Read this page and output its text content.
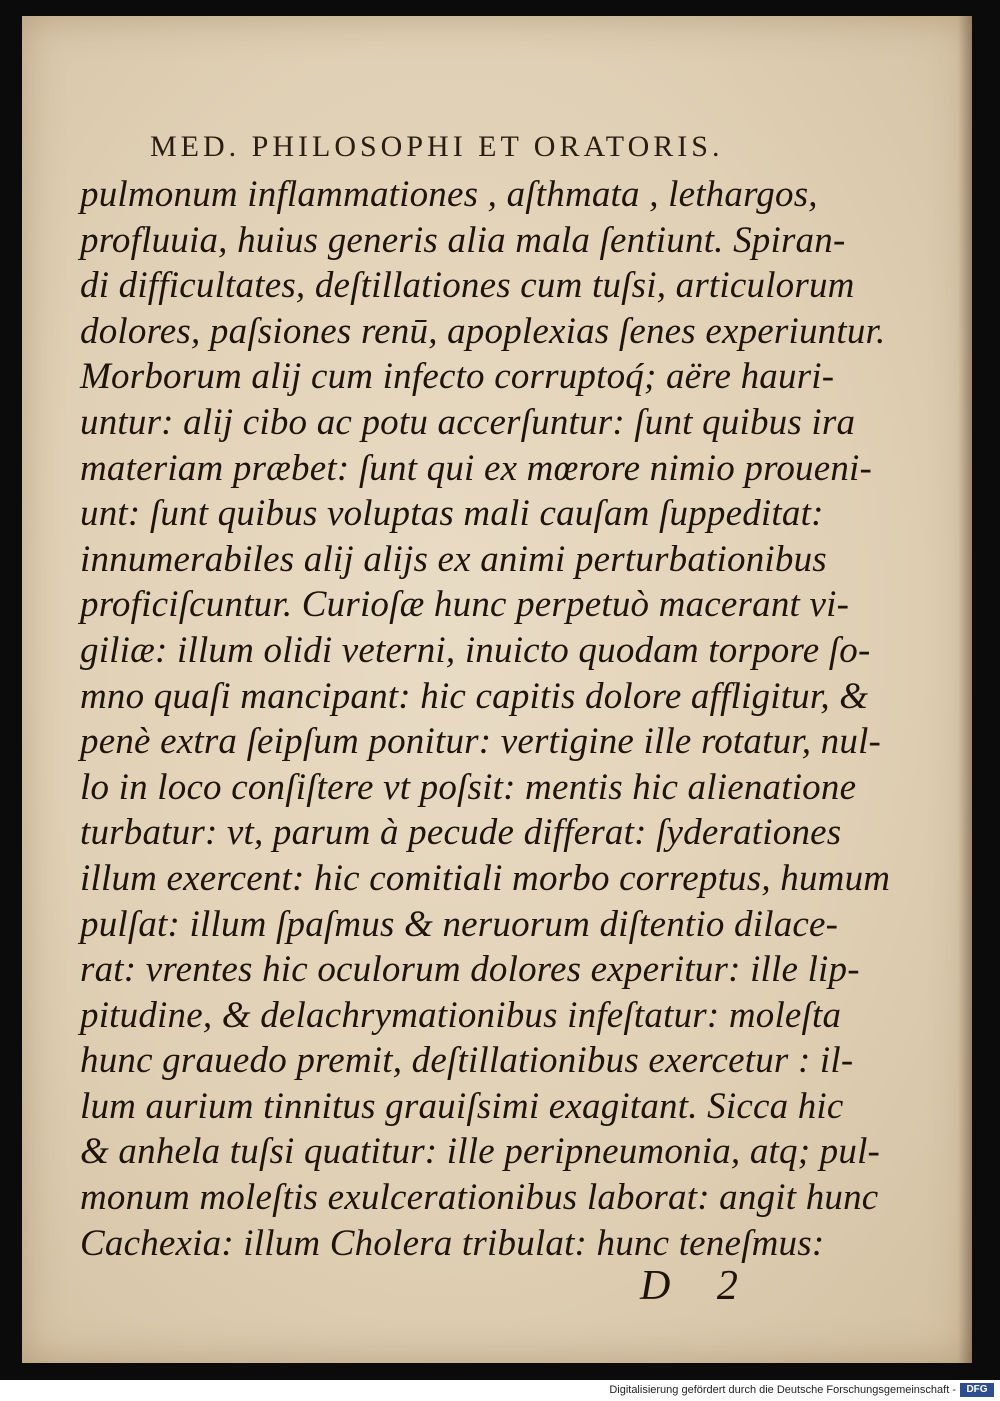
MED. PHILOSOPHI ET ORATORIS.
pulmonum inflammationes , aſthmata , lethargos,
profluuia, huius generis alia mala ſentiunt. Spiran-
di difficultates, deſtillationes cum tuſsi, articulorum
dolores, paſsiones renū, apoplexias ſenes experiuntur.
Morborum alij cum infecto corruptoq́; aëre hauri-
untur: alij cibo ac potu accerſuntur: ſunt quibus ira
materiam præbet: ſunt qui ex mœrore nimio proueni-
unt: ſunt quibus voluptas mali cauſam ſuppeditat:
innumerabiles alij alijs ex animi perturbationibus
proficiſcuntur. Curioſæ hunc perpetuò macerant vi-
giliæ: illum olidi veterni, inuicto quodam torpore ſo-
mno quaſi mancipant: hic capitis dolore affligitur, &
penè extra ſeipſum ponitur: vertigine ille rotatur, nul-
lo in loco conſiſtere vt poſsit: mentis hic alienatione
turbatur: vt, parum à pecude differat: ſyderationes
illum exercent: hic comitiali morbo correptus, humum
pulſat: illum ſpaſmus & neruorum diſtentio dilace-
rat: vrentes hic oculorum dolores experitur: ille lip-
pitudine, & delachrymationibus infeſtatur: moleſta
hunc grauedo premit, deſtillationibus exercetur : il-
lum aurium tinnitus grauiſsimi exagitant. Sicca hic
& anhela tuſsi quatitur: ille peripneumonia, atq; pul-
monum moleſtis exulcerationibus laborat: angit hunc
Cachexia: illum Cholera tribulat: hunc teneſmus:
D 2
Digitalisierung gefördert durch die Deutsche Forschungsgemeinschaft -	DFG
